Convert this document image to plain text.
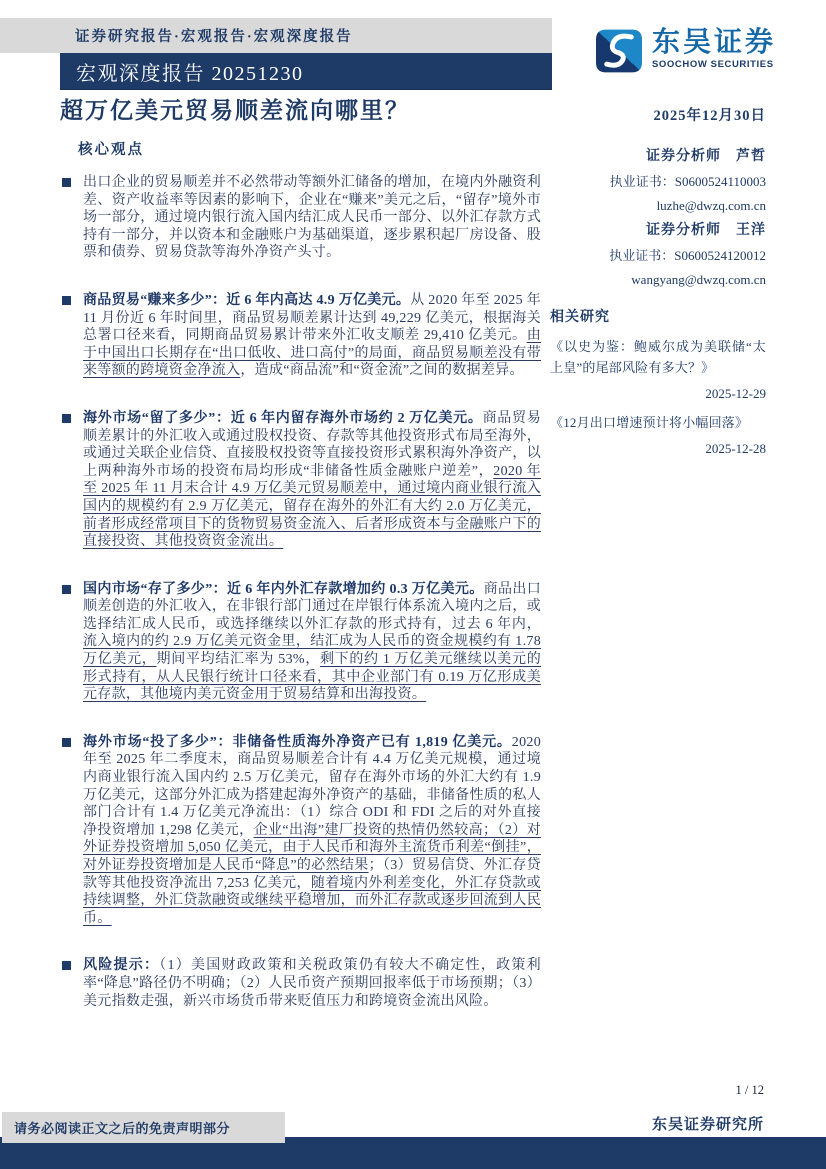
证券研究报告·宏观报告·宏观深度报告
宏观深度报告 20251230
东吴证券
SOOCHOW SECURITIES
超万亿美元贸易顺差流向哪里？	2025年12月30日
核心观点
出口企业的贸易顺差并不必然带动等额外汇储备的增加，在境内外融资利差、资产收益率等因素的影响下，企业在“赚来”美元之后，“留存”境外市场一部分，通过境内银行流入国内结汇成人民币一部分、以外汇存款方式持有一部分，并以资本和金融账户为基础渠道，逐步累积起厂房设备、股票和债券、贸易贷款等海外净资产头寸。
商品贸易“赚来多少”：近 6 年内高达 4.9 万亿美元。从 2020 年至 2025 年 11 月份近 6 年时间里，商品贸易顺差累计达到 49,229 亿美元，根据海关总署口径来看，同期商品贸易累计带来外汇收支顺差 29,410 亿美元。由于中国出口长期存在“出口低收、进口高付”的局面，商品贸易顺差没有带来等额的跨境资金净流入，造成“商品流”和“资金流”之间的数据差异。
海外市场“留了多少”：近 6 年内留存海外市场约 2 万亿美元。商品贸易顺差累计的外汇收入或通过股权投资、存款等其他投资形式布局至海外，或通过关联企业信贷、直接股权投资等直接投资形式累积海外净资产，以上两种海外市场的投资布局均形成“非储备性质金融账户逆差”，2020 年至 2025 年 11 月末合计 4.9 万亿美元贸易顺差中，通过境内商业银行流入国内的规模约有 2.9 万亿美元，留存在海外的外汇有大约 2.0 万亿美元，前者形成经常项目下的货物贸易资金流入、后者形成资本与金融账户下的直接投资、其他投资资金流出。
国内市场“存了多少”：近 6 年内外汇存款增加约 0.3 万亿美元。商品出口顺差创造的外汇收入，在非银行部门通过在岸银行体系流入境内之后，或选择结汇成人民币，或选择继续以外汇存款的形式持有，过去 6 年内，流入境内的约 2.9 万亿美元资金里，结汇成为人民币的资金规模约有 1.78 万亿美元，期间平均结汇率为 53%，剩下的约 1 万亿美元继续以美元的形式持有，从人民银行统计口径来看，其中企业部门有 0.19 万亿形成美元存款，其他境内美元资金用于贸易结算和出海投资。
海外市场“投了多少”：非储备性质海外净资产已有 1,819 亿美元。2020 年至 2025 年二季度末，商品贸易顺差合计有 4.4 万亿美元规模，通过境内商业银行流入国内约 2.5 万亿美元，留存在海外市场的外汇大约有 1.9 万亿美元，这部分外汇成为搭建起海外净资产的基础，非储备性质的私人部门合计有 1.4 万亿美元净流出：（1）综合 ODI 和 FDI 之后的对外直接净投资增加 1,298 亿美元，企业“出海”建厂投资的热情仍然较高；（2）对外证券投资增加 5,050 亿美元，由于人民币和海外主流货币利差“倒挂”，对外证券投资增加是人民币“降息”的必然结果；（3）贸易信贷、外汇存贷款等其他投资净流出 7,253 亿美元，随着境内外利差变化，外汇存贷款或持续调整，外汇贷款融资或继续平稳增加，而外汇存款或逐步回流到人民币。
风险提示：（1）美国财政政策和关税政策仍有较大不确定性，政策利率“降息”路径仍不明确；（2）人民币资产预期回报率低于市场预期；（3）美元指数走强，新兴市场货币带来贬值压力和跨境资金流出风险。
证券分析师　芦哲
执业证书：S0600524110003
luzhe@dwzq.com.cn
证券分析师　王洋
执业证书：S0600524120012
wangyang@dwzq.com.cn
相关研究
《以史为鉴：鲍威尔成为美联储“太上皇”的尾部风险有多大？》
2025-12-29
《12月出口增速预计将小幅回落》
2025-12-28
1 / 12
东吴证券研究所
请务必阅读正文之后的免责声明部分
